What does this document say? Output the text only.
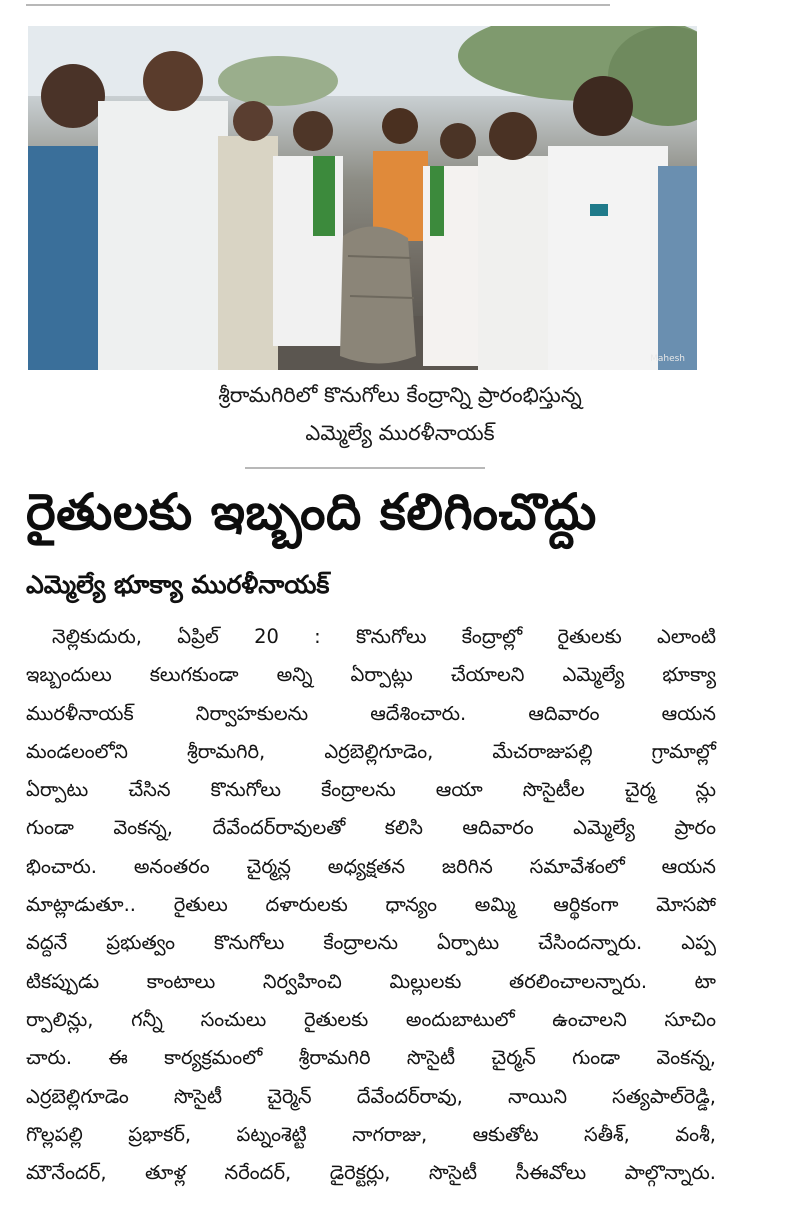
Mahesh
శ్రీరామగిరిలో కొనుగోలు కేంద్రాన్ని ప్రారంభిస్తున్న
ఎమ్మెల్యే మురళీనాయక్
రైతులకు ఇబ్బంది కలిగించొద్దు
ఎమ్మెల్యే భూక్యా మురళీనాయక్
నెల్లికుదురు, ఏప్రిల్ 20 : కొనుగోలు కేంద్రాల్లో రైతులకు ఎలాంటి
ఇబ్బందులు కలుగకుండా అన్ని ఏర్పాట్లు చేయాలని ఎమ్మెల్యే భూక్యా
మురళీనాయక్ నిర్వాహకులను ఆదేశించారు. ఆదివారం ఆయన
మండలంలోని శ్రీరామగిరి, ఎర్రబెల్లిగూడెం, మేచరాజుపల్లి గ్రామాల్లో
ఏర్పాటు చేసిన కొనుగోలు కేంద్రాలను ఆయా సొసైటీల చైర్మ న్లు
గుండా వెంకన్న, దేవేందర్‌రావులతో కలిసి ఆదివారం ఎమ్మెల్యే ప్రారం
భించారు. అనంతరం చైర్మన్ల అధ్యక్షతన జరిగిన సమావేశంలో ఆయన
మాట్లాడుతూ.. రైతులు దళారులకు ధాన్యం అమ్మి ఆర్థికంగా మోసపో
వద్దనే ప్రభుత్వం కొనుగోలు కేంద్రాలను ఏర్పాటు చేసిందన్నారు. ఎప్ప
టికప్పుడు కాంటాలు నిర్వహించి మిల్లులకు తరలించాలన్నారు. టా
ర్పాలిన్లు, గన్నీ సంచులు రైతులకు అందుబాటులో ఉంచాలని సూచిం
చారు. ఈ కార్యక్రమంలో శ్రీరామగిరి సొసైటీ చైర్మన్ గుండా వెంకన్న,
ఎర్రబెల్లిగూడెం సొసైటీ చైర్మెన్ దేవేందర్‌రావు, నాయిని సత్యపాల్‌రెడ్డి,
గొల్లపల్లి ప్రభాకర్, పట్నంశెట్టి నాగరాజు, ఆకుతోట సతీశ్, వంశీ,
మౌనేందర్, తూళ్ల నరేందర్, డైరెక్టర్లు, సొసైటీ సీఈవోలు పాల్గొన్నారు.
